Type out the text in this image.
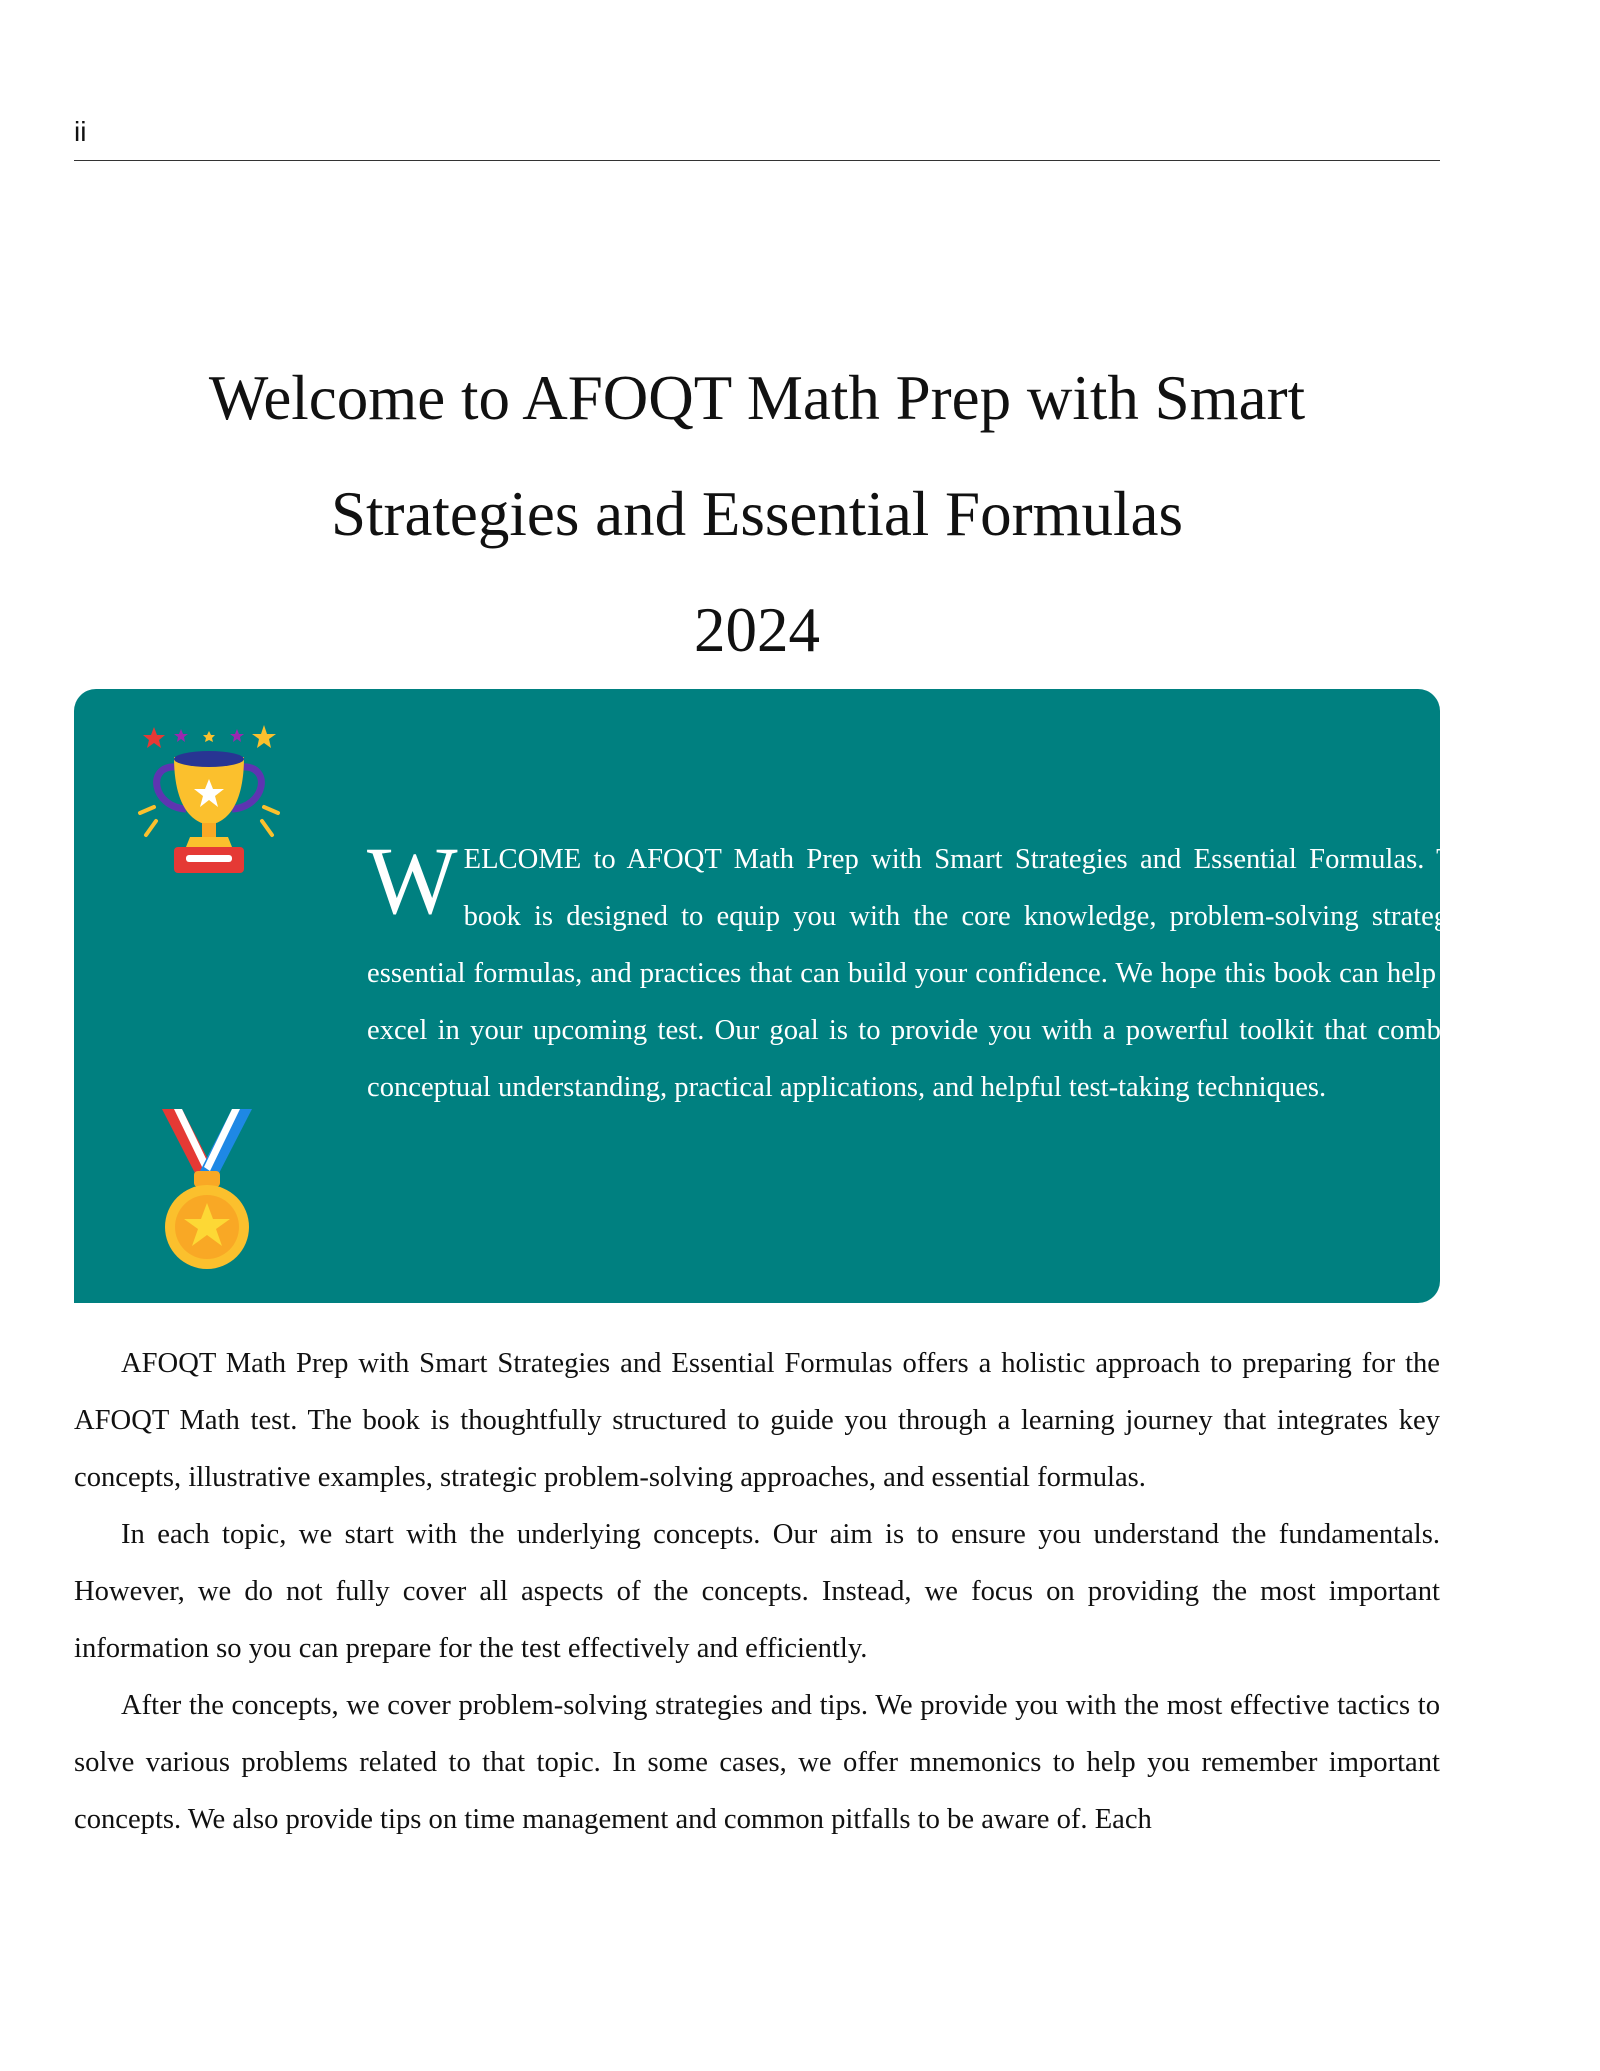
ii
Welcome to AFOQT Math Prep with Smart
Strategies and Essential Formulas
2024

WELCOME to AFOQT Math Prep with Smart Strategies and Essential Formulas. This book is designed to equip you with the core knowledge, problem-solving strategies, essential formulas, and practices that can build your confidence. We hope this book can help you excel in your upcoming test. Our goal is to provide you with a powerful toolkit that combines conceptual understanding, practical applications, and helpful test-taking techniques.

AFOQT Math Prep with Smart Strategies and Essential Formulas offers a holistic approach to preparing for the AFOQT Math test. The book is thoughtfully structured to guide you through a learning journey that integrates key concepts, illustrative examples, strategic problem-solving approaches, and essential formulas.

In each topic, we start with the underlying concepts. Our aim is to ensure you understand the fundamentals. However, we do not fully cover all aspects of the concepts. Instead, we focus on providing the most important information so you can prepare for the test effectively and efficiently.

After the concepts, we cover problem-solving strategies and tips. We provide you with the most effective tactics to solve various problems related to that topic. In some cases, we offer mnemonics to help you remember important concepts. We also provide tips on time management and common pitfalls to be aware of. Each
